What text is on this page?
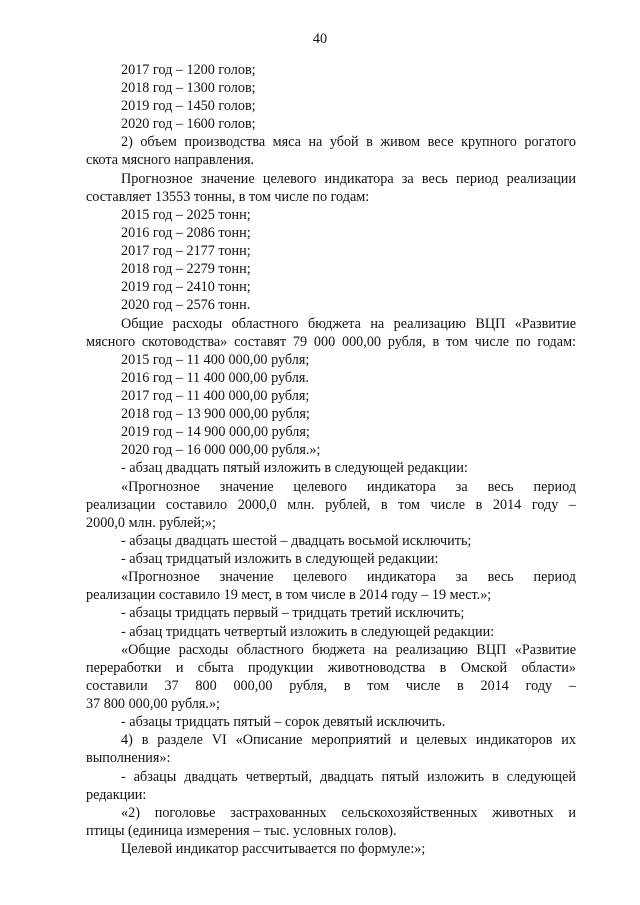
40
2017 год – 1200 голов;
2018 год – 1300 голов;
2019 год – 1450 голов;
2020 год – 1600 голов;
2) объем производства мяса на убой в живом весе крупного рогатого
скота мясного направления.
Прогнозное значение целевого индикатора за весь период реализации
составляет 13553 тонны, в том числе по годам:
2015 год – 2025 тонн;
2016 год – 2086 тонн;
2017 год – 2177 тонн;
2018 год – 2279 тонн;
2019 год – 2410 тонн;
2020 год – 2576 тонн.
Общие расходы областного бюджета на реализацию ВЦП «Развитие
мясного скотоводства» составят 79 000 000,00 рубля, в том числе по годам:
2015 год – 11 400 000,00 рубля;
2016 год – 11 400 000,00 рубля.
2017 год – 11 400 000,00 рубля;
2018 год – 13 900 000,00 рубля;
2019 год – 14 900 000,00 рубля;
2020 год – 16 000 000,00 рубля.»;
- абзац двадцать пятый изложить в следующей редакции:
«Прогнозное значение целевого индикатора за весь период
реализации составило 2000,0 млн. рублей, в том числе в 2014 году –
2000,0 млн. рублей;»;
- абзацы двадцать шестой – двадцать восьмой исключить;
- абзац тридцатый изложить в следующей редакции:
«Прогнозное значение целевого индикатора за весь период
реализации составило 19 мест, в том числе в 2014 году – 19 мест.»;
- абзацы тридцать первый – тридцать третий исключить;
- абзац тридцать четвертый изложить в следующей редакции:
«Общие расходы областного бюджета на реализацию ВЦП «Развитие
переработки и сбыта продукции животноводства в Омской области»
составили 37 800 000,00 рубля, в том числе в 2014 году –
37 800 000,00 рубля.»;
- абзацы тридцать пятый – сорок девятый исключить.
4) в разделе VI «Описание мероприятий и целевых индикаторов их
выполнения»:
- абзацы двадцать четвертый, двадцать пятый изложить в следующей
редакции:
«2) поголовье застрахованных сельскохозяйственных животных и
птицы (единица измерения – тыс. условных голов).
Целевой индикатор рассчитывается по формуле:»;
